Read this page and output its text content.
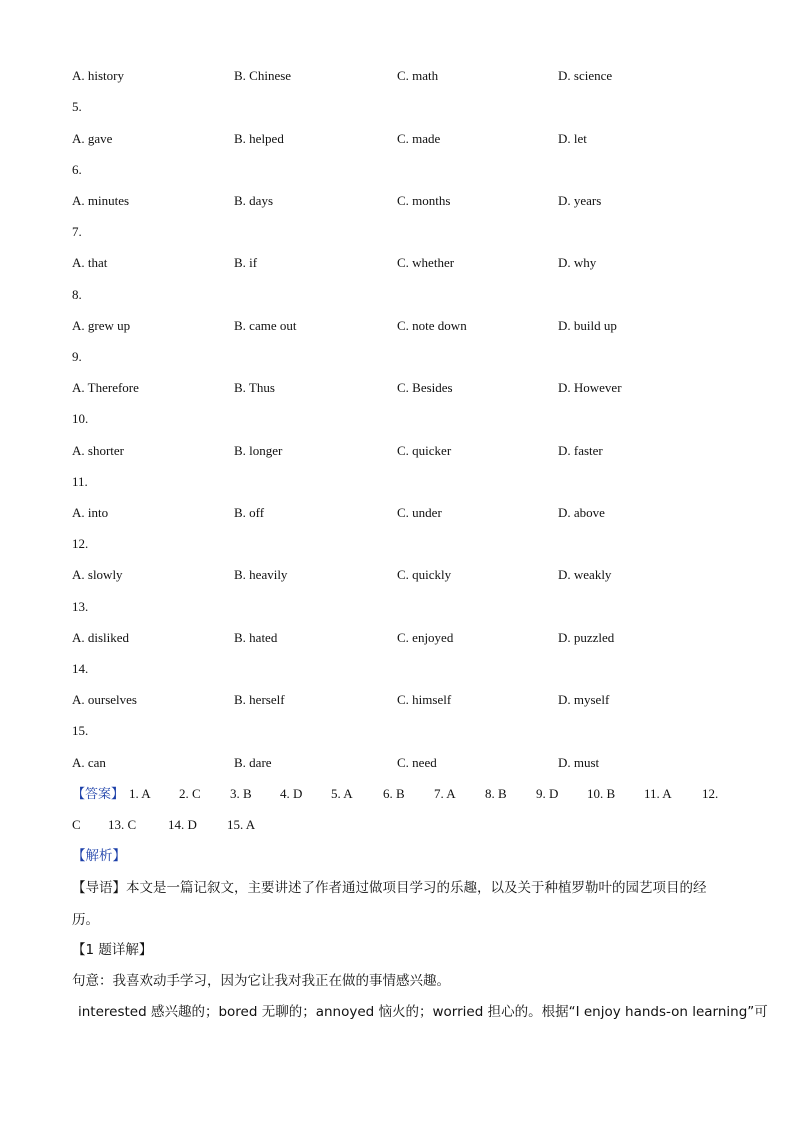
A. history	B. Chinese	C. math	D. science
5.
A. gave	B. helped	C. made	D. let
6.
A. minutes	B. days	C. months	D. years
7.
A. that	B. if	C. whether	D. why
8.
A. grew up	B. came out	C. note down	D. build up
9.
A. Therefore	B. Thus	C. Besides	D. However
10.
A. shorter	B. longer	C. quicker	D. faster
11.
A. into	B. off	C. under	D. above
12.
A. slowly	B. heavily	C. quickly	D. weakly
13.
A. disliked	B. hated	C. enjoyed	D. puzzled
14.
A. ourselves	B. herself	C. himself	D. myself
15.
A. can	B. dare	C. need	D. must
【答案】 1. A 2. C 3. B 4. D 5. A 6. B 7. A 8. B 9. D 10. B 11. A 12.
C 13. C 14. D 15. A
【解析】
【导语】本文是一篇记叙文，主要讲述了作者通过做项目学习的乐趣，以及关于种植罗勒叶的园艺项目的经历。
【1 题详解】
句意：我喜欢动手学习，因为它让我对我正在做的事情感兴趣。
interested 感兴趣的；bored 无聊的；annoyed 恼火的；worried 担心的。根据“I enjoy hands-on learning”可
